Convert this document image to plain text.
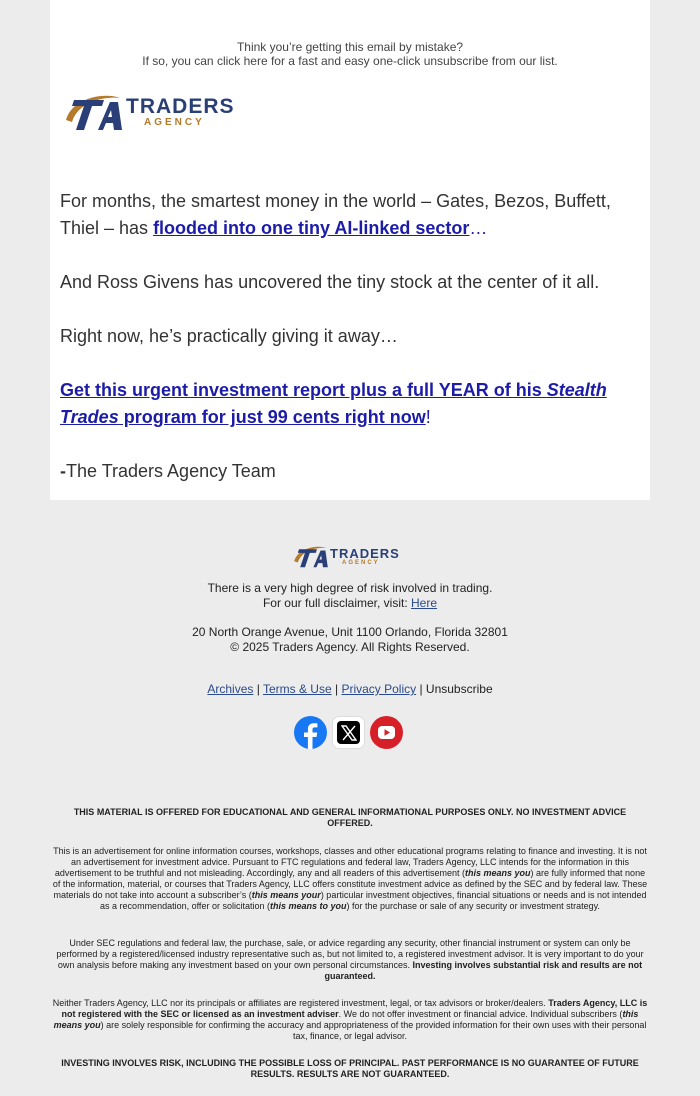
Think you’re getting this email by mistake?
If so, you can click here for a fast and easy one-click unsubscribe from our list.
TRADERS
AGENCY

For months, the smartest money in the world – Gates, Bezos, Buffett, Thiel – has flooded into one tiny AI-linked sector…

And Ross Givens has uncovered the tiny stock at the center of it all.

Right now, he’s practically giving it away…

Get this urgent investment report plus a full YEAR of his Stealth Trades program for just 99 cents right now!

-The Traders Agency Team

TRADERS
AGENCY
There is a very high degree of risk involved in trading.
For our full disclaimer, visit: Here
20 North Orange Avenue, Unit 1100 Orlando, Florida 32801
© 2025 Traders Agency. All Rights Reserved.
Archives | Terms & Use | Privacy Policy | Unsubscribe

THIS MATERIAL IS OFFERED FOR EDUCATIONAL AND GENERAL INFORMATIONAL PURPOSES ONLY. NO INVESTMENT ADVICE OFFERED.

This is an advertisement for online information courses, workshops, classes and other educational programs relating to finance and investing. It is not an advertisement for investment advice. Pursuant to FTC regulations and federal law, Traders Agency, LLC intends for the information in this advertisement to be truthful and not misleading. Accordingly, any and all readers of this advertisement (this means you) are fully informed that none of the information, material, or courses that Traders Agency, LLC offers constitute investment advice as defined by the SEC and by federal law. These materials do not take into account a subscriber’s (this means your) particular investment objectives, financial situations or needs and is not intended as a recommendation, offer or solicitation (this means to you) for the purchase or sale of any security or investment strategy.

Under SEC regulations and federal law, the purchase, sale, or advice regarding any security, other financial instrument or system can only be performed by a registered/licensed industry representative such as, but not limited to, a registered investment advisor. It is very important to do your own analysis before making any investment based on your own personal circumstances. Investing involves substantial risk and results are not guaranteed.

Neither Traders Agency, LLC nor its principals or affiliates are registered investment, legal, or tax advisors or broker/dealers. Traders Agency, LLC is not registered with the SEC or licensed as an investment adviser. We do not offer investment or financial advice. Individual subscribers (this means you) are solely responsible for confirming the accuracy and appropriateness of the provided information for their own uses with their personal tax, finance, or legal advisor.

INVESTING INVOLVES RISK, INCLUDING THE POSSIBLE LOSS OF PRINCIPAL. PAST PERFORMANCE IS NO GUARANTEE OF FUTURE RESULTS. RESULTS ARE NOT GUARANTEED.
